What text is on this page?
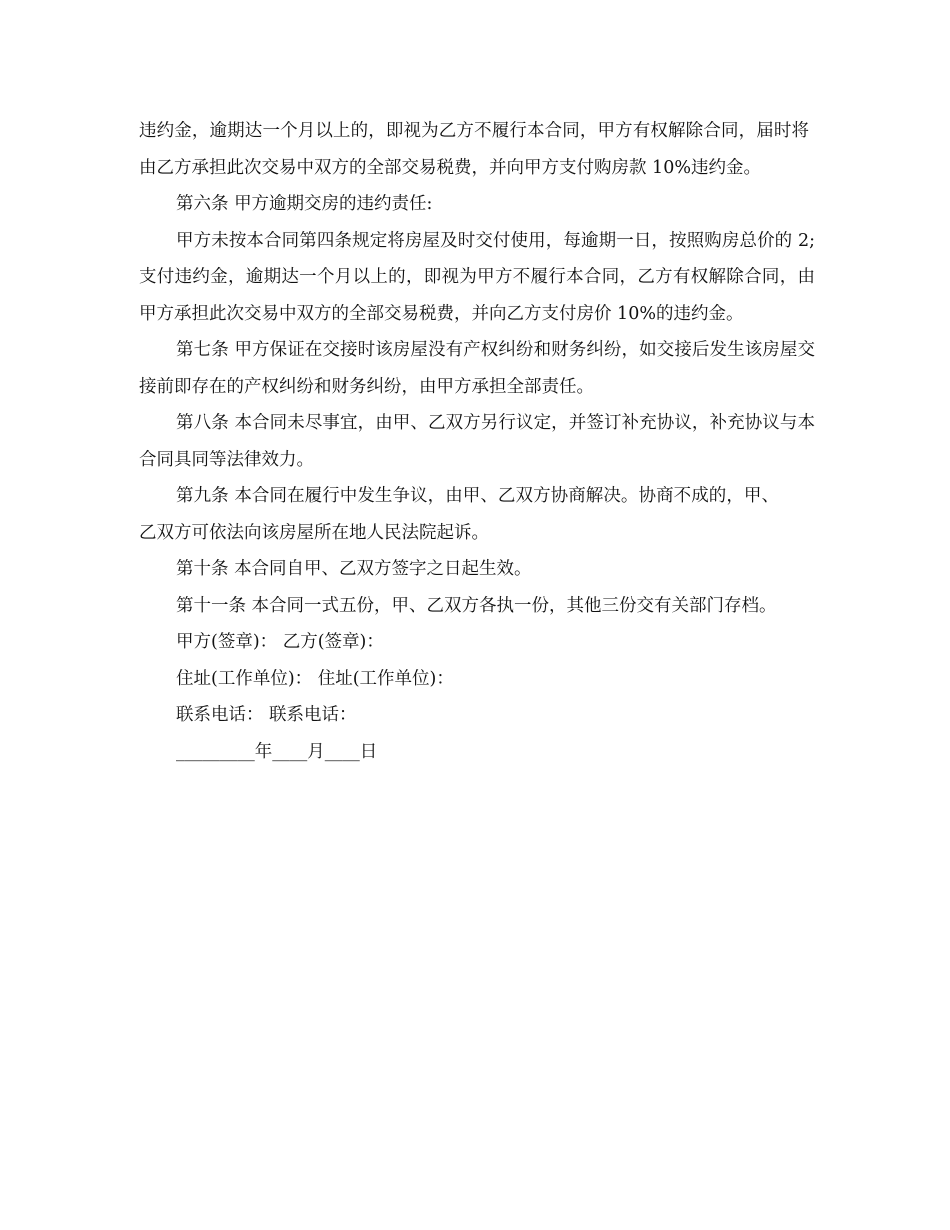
违约金，逾期达一个月以上的，即视为乙方不履行本合同，甲方有权解除合同，届时将由乙方承担此次交易中双方的全部交易税费，并向甲方支付购房款 10%违约金。

第六条 甲方逾期交房的违约责任:

甲方未按本合同第四条规定将房屋及时交付使用，每逾期一日，按照购房总价的 2;支付违约金，逾期达一个月以上的，即视为甲方不履行本合同，乙方有权解除合同，由甲方承担此次交易中双方的全部交易税费，并向乙方支付房价 10%的违约金。

第七条 甲方保证在交接时该房屋没有产权纠纷和财务纠纷，如交接后发生该房屋交接前即存在的产权纠纷和财务纠纷，由甲方承担全部责任。

第八条 本合同未尽事宜，由甲、乙双方另行议定，并签订补充协议，补充协议与本合同具同等法律效力。

第九条 本合同在履行中发生争议，由甲、乙双方协商解决。协商不成的，甲、乙双方可依法向该房屋所在地人民法院起诉。

第十条 本合同自甲、乙双方签字之日起生效。

第十一条 本合同一式五份，甲、乙双方各执一份，其他三份交有关部门存档。

甲方(签章)： 乙方(签章)：

住址(工作单位)： 住址(工作单位)：

联系电话： 联系电话：

_________年____月____日
